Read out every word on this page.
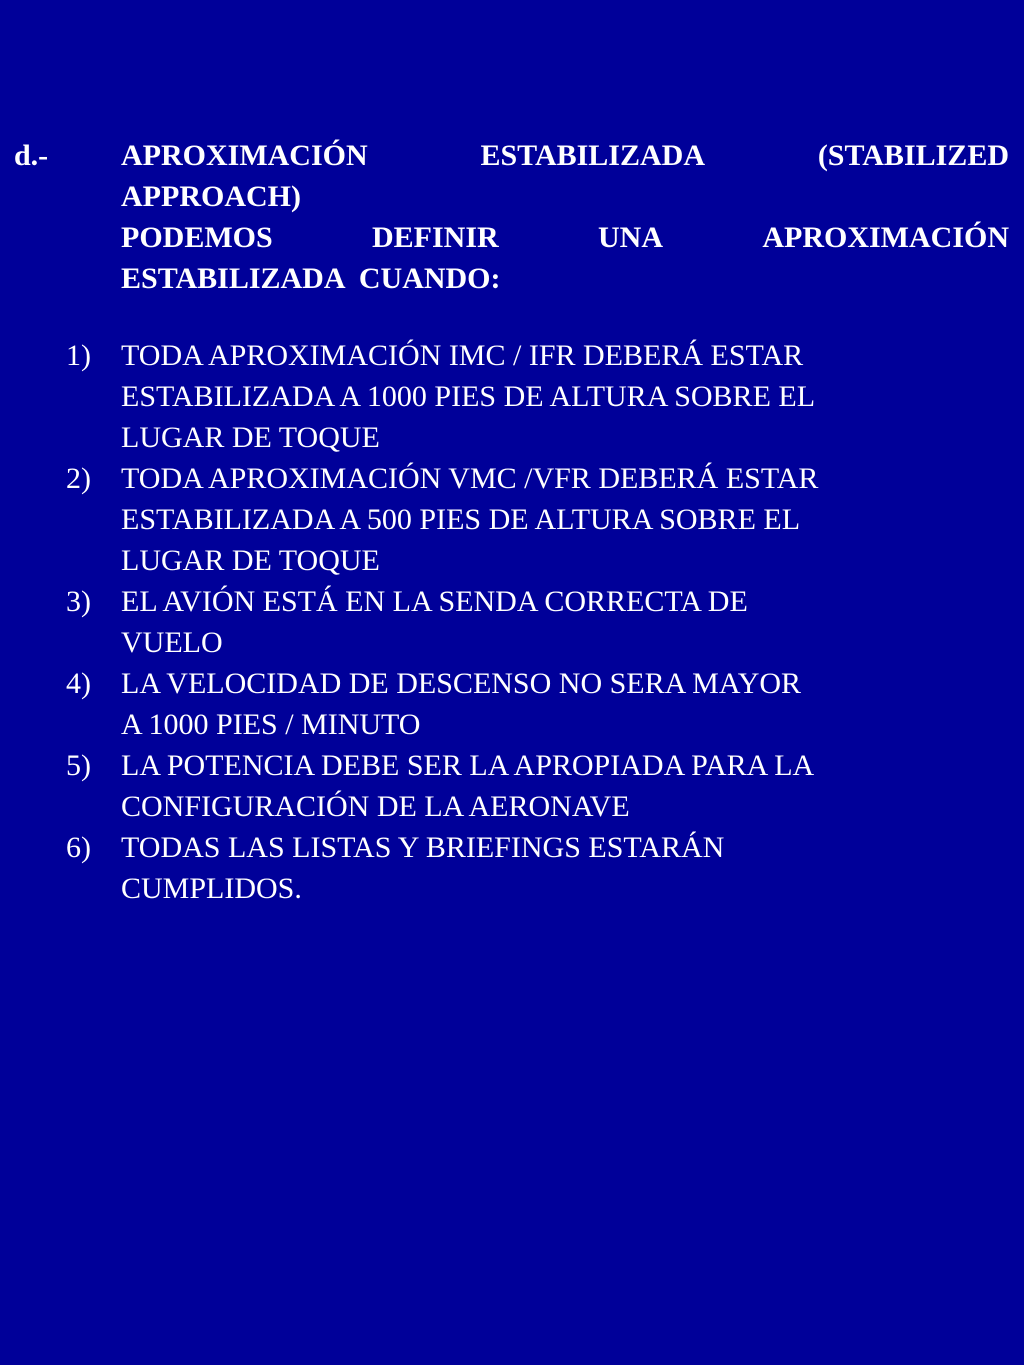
d.- APROXIMACIÓN	ESTABILIZADA	(STABILIZED
APPROACH)
PODEMOS	DEFINIR	UNA	APROXIMACIÓN
ESTABILIZADA  CUANDO:
1) TODA APROXIMACIÓN IMC / IFR DEBERÁ ESTAR
ESTABILIZADA A 1000 PIES DE ALTURA SOBRE EL
LUGAR DE TOQUE
2) TODA APROXIMACIÓN VMC /VFR DEBERÁ ESTAR
ESTABILIZADA A 500 PIES DE ALTURA SOBRE EL
LUGAR DE TOQUE
3) EL AVIÓN ESTÁ EN LA SENDA CORRECTA DE
VUELO
4) LA VELOCIDAD DE DESCENSO NO SERA MAYOR
A 1000 PIES / MINUTO
5) LA POTENCIA DEBE SER LA APROPIADA PARA LA
CONFIGURACIÓN DE LA AERONAVE
6) TODAS LAS LISTAS Y BRIEFINGS ESTARÁN
CUMPLIDOS.
